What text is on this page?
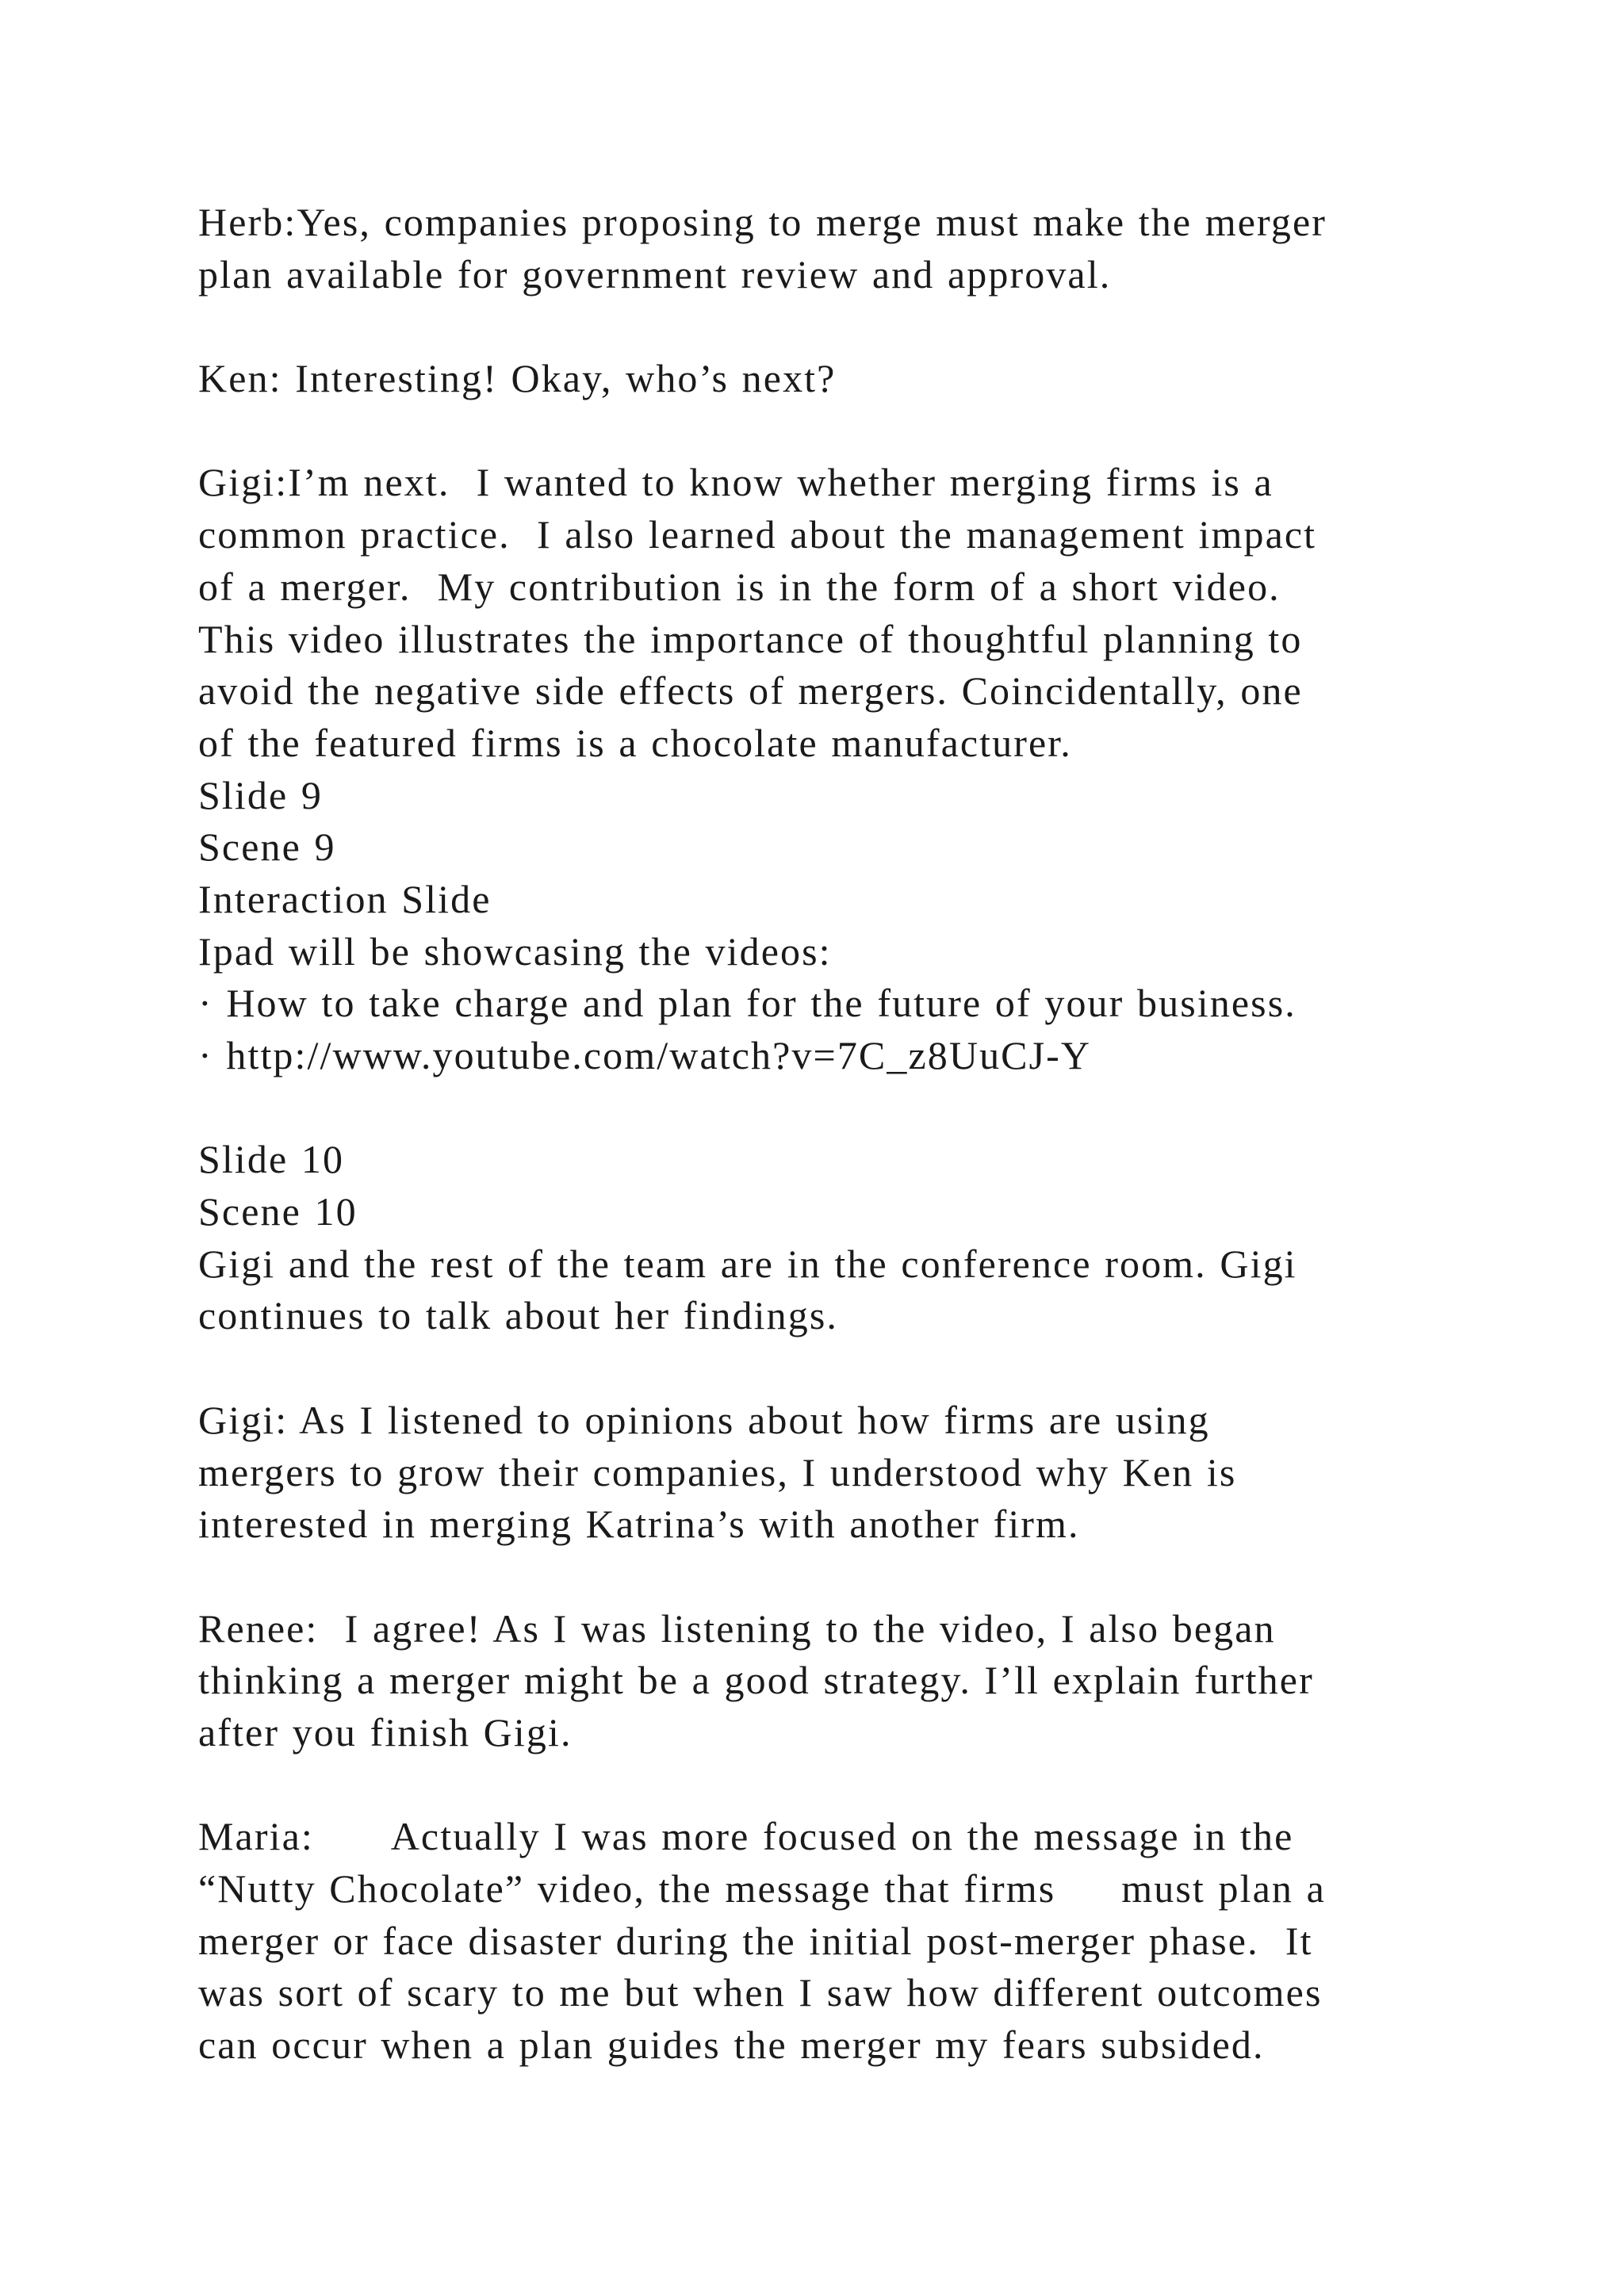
Herb:Yes, companies proposing to merge must make the merger
plan available for government review and approval.
Ken: Interesting! Okay, who’s next?
Gigi:I’m next.  I wanted to know whether merging firms is a
common practice.  I also learned about the management impact
of a merger.  My contribution is in the form of a short video.
This video illustrates the importance of thoughtful planning to
avoid the negative side effects of mergers. Coincidentally, one
of the featured firms is a chocolate manufacturer.
Slide 9
Scene 9
Interaction Slide
Ipad will be showcasing the videos:
· How to take charge and plan for the future of your business.
· http://www.youtube.com/watch?v=7C_z8UuCJ-Y
Slide 10
Scene 10
Gigi and the rest of the team are in the conference room. Gigi
continues to talk about her findings.
Gigi: As I listened to opinions about how firms are using
mergers to grow their companies, I understood why Ken is
interested in merging Katrina’s with another firm.
Renee:  I agree! As I was listening to the video, I also began
thinking a merger might be a good strategy. I’ll explain further
after you finish Gigi.
Maria:      Actually I was more focused on the message in the
“Nutty Chocolate” video, the message that firms     must plan a
merger or face disaster during the initial post-merger phase.  It
was sort of scary to me but when I saw how different outcomes
can occur when a plan guides the merger my fears subsided.
